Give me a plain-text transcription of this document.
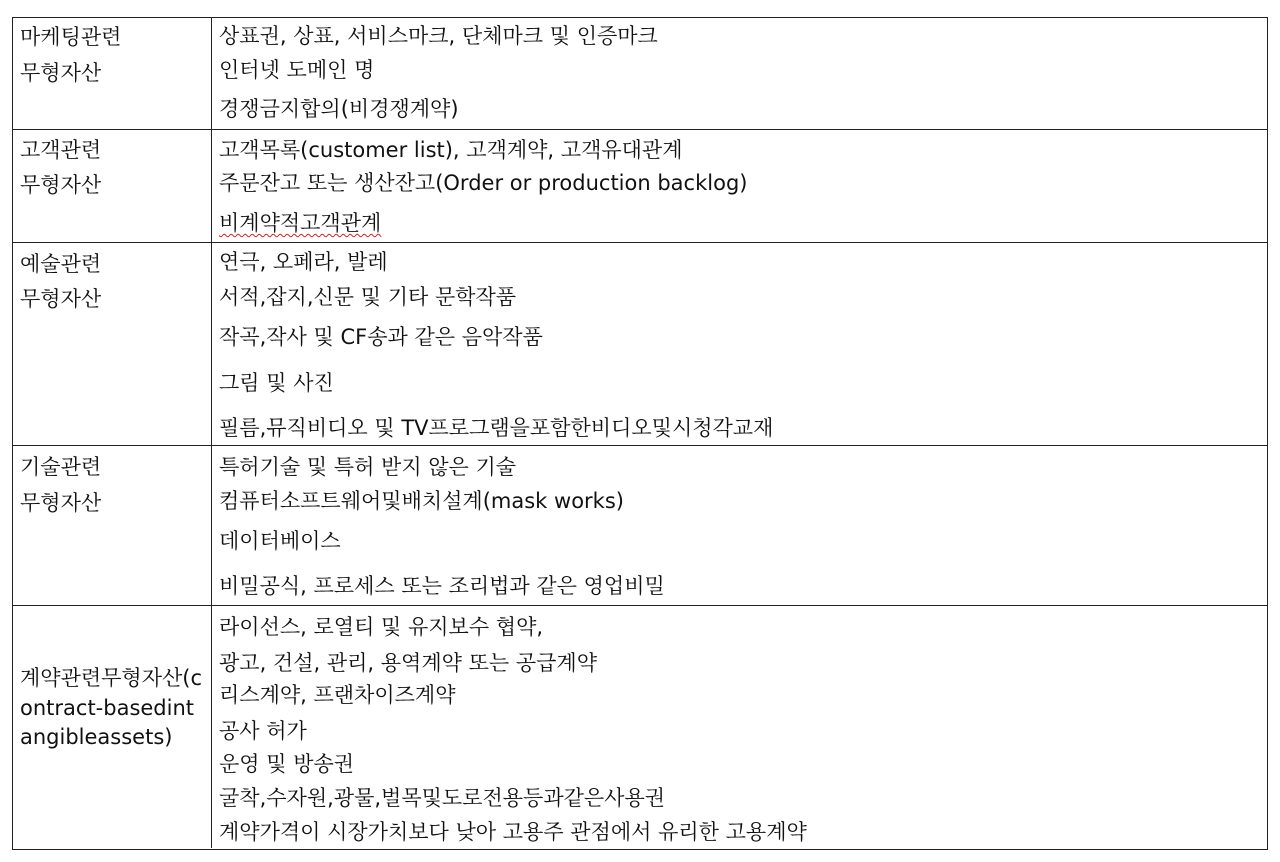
마케팅관련
무형자산
상표권, 상표, 서비스마크, 단체마크 및 인증마크
인터넷 도메인 명
경쟁금지합의(비경쟁계약)
고객관련
무형자산
고객목록(customer list), 고객계약, 고객유대관계
주문잔고 또는 생산잔고(Order or production backlog)
비계약적고객관계
예술관련
무형자산
연극, 오페라, 발레
서적,잡지,신문 및 기타 문학작품
작곡,작사 및 CF송과 같은 음악작품
그림 및 사진
필름,뮤직비디오 및 TV프로그램을포함한비디오및시청각교재
기술관련
무형자산
특허기술 및 특허 받지 않은 기술
컴퓨터소프트웨어및배치설계(mask works)
데이터베이스
비밀공식, 프로세스 또는 조리법과 같은 영업비밀
계약관련무형자산(contract-basedintangibleassets)
라이선스, 로열티 및 유지보수 협약,
광고, 건설, 관리, 용역계약 또는 공급계약
리스계약, 프랜차이즈계약
공사 허가
운영 및 방송권
굴착,수자원,광물,벌목및도로전용등과같은사용권
계약가격이 시장가치보다 낮아 고용주 관점에서 유리한 고용계약
